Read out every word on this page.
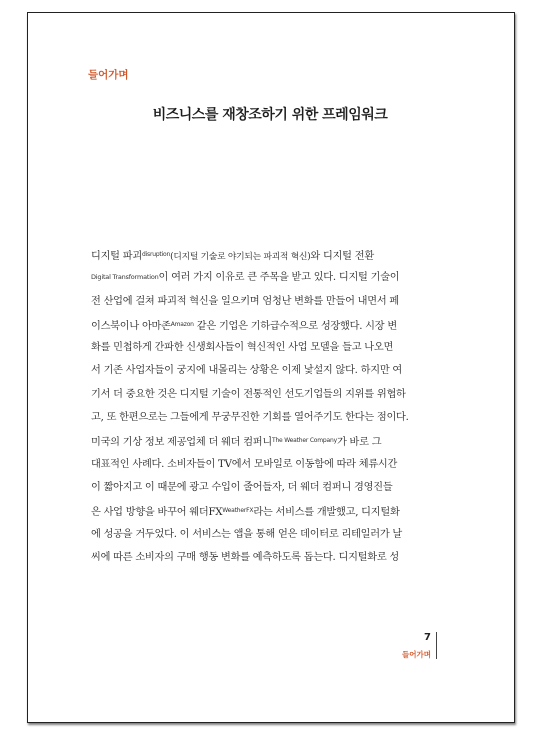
들어가며
비즈니스를 재창조하기 위한 프레임워크
디지털 파괴$^{disruption}$(디지털 기술로 야기되는 파괴적 혁신)와 디지털 전환
Digital Transformation이 여러 가지 이유로 큰 주목을 받고 있다. 디지털 기술이
전 산업에 걸쳐 파괴적 혁신을 일으키며 엄청난 변화를 만들어 내면서 페
이스북이나 아마존$^{Amazon}$ 같은 기업은 기하급수적으로 성장했다. 시장 변
화를 민첩하게 간파한 신생회사들이 혁신적인 사업 모델을 들고 나오면
서 기존 사업자들이 궁지에 내몰리는 상황은 이제 낯설지 않다. 하지만 여
기서 더 중요한 것은 디지털 기술이 전통적인 선도기업들의 지위를 위협하
고, 또 한편으로는 그들에게 무궁무진한 기회를 열어주기도 한다는 점이다.
미국의 기상 정보 제공업체 더 웨더 컴퍼니$^{The Weather Company}$가 바로 그
대표적인 사례다. 소비자들이 TV에서 모바일로 이동함에 따라 체류시간
이 짧아지고 이 때문에 광고 수입이 줄어들자, 더 웨더 컴퍼니 경영진들
은 사업 방향을 바꾸어 웨더$FX^{WeatherFX}$라는 서비스를 개발했고, 디지털화
에 성공을 거두었다. 이 서비스는 앱을 통해 얻은 데이터로 리테일러가 날
씨에 따른 소비자의 구매 행동 변화를 예측하도록 돕는다. 디지털화로 성
7
들어가며
